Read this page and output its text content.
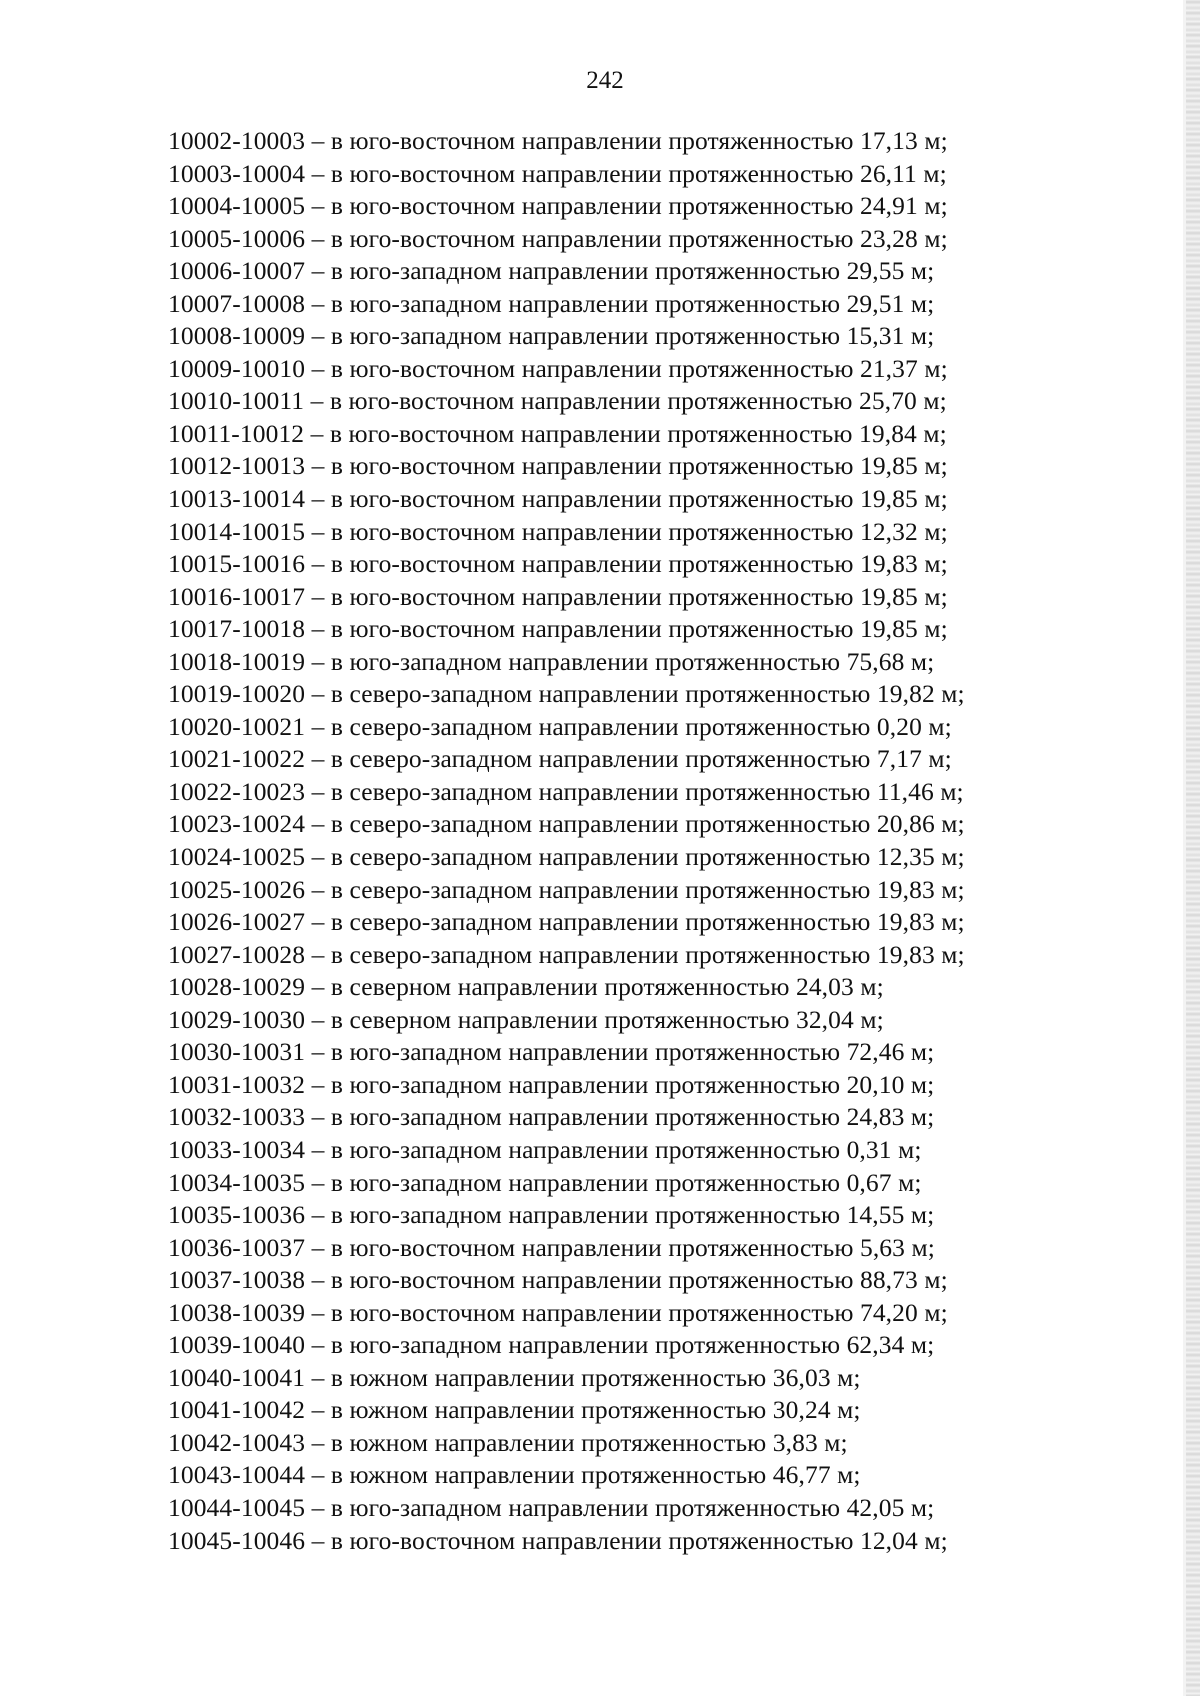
242
10002-10003 – в юго-восточном направлении протяженностью 17,13 м;
10003-10004 – в юго-восточном направлении протяженностью 26,11 м;
10004-10005 – в юго-восточном направлении протяженностью 24,91 м;
10005-10006 – в юго-восточном направлении протяженностью 23,28 м;
10006-10007 – в юго-западном направлении протяженностью 29,55 м;
10007-10008 – в юго-западном направлении протяженностью 29,51 м;
10008-10009 – в юго-западном направлении протяженностью 15,31 м;
10009-10010 – в юго-восточном направлении протяженностью 21,37 м;
10010-10011 – в юго-восточном направлении протяженностью 25,70 м;
10011-10012 – в юго-восточном направлении протяженностью 19,84 м;
10012-10013 – в юго-восточном направлении протяженностью 19,85 м;
10013-10014 – в юго-восточном направлении протяженностью 19,85 м;
10014-10015 – в юго-восточном направлении протяженностью 12,32 м;
10015-10016 – в юго-восточном направлении протяженностью 19,83 м;
10016-10017 – в юго-восточном направлении протяженностью 19,85 м;
10017-10018 – в юго-восточном направлении протяженностью 19,85 м;
10018-10019 – в юго-западном направлении протяженностью 75,68 м;
10019-10020 – в северо-западном направлении протяженностью 19,82 м;
10020-10021 – в северо-западном направлении протяженностью 0,20 м;
10021-10022 – в северо-западном направлении протяженностью 7,17 м;
10022-10023 – в северо-западном направлении протяженностью 11,46 м;
10023-10024 – в северо-западном направлении протяженностью 20,86 м;
10024-10025 – в северо-западном направлении протяженностью 12,35 м;
10025-10026 – в северо-западном направлении протяженностью 19,83 м;
10026-10027 – в северо-западном направлении протяженностью 19,83 м;
10027-10028 – в северо-западном направлении протяженностью 19,83 м;
10028-10029 – в северном направлении протяженностью 24,03 м;
10029-10030 – в северном направлении протяженностью 32,04 м;
10030-10031 – в юго-западном направлении протяженностью 72,46 м;
10031-10032 – в юго-западном направлении протяженностью 20,10 м;
10032-10033 – в юго-западном направлении протяженностью 24,83 м;
10033-10034 – в юго-западном направлении протяженностью 0,31 м;
10034-10035 – в юго-западном направлении протяженностью 0,67 м;
10035-10036 – в юго-западном направлении протяженностью 14,55 м;
10036-10037 – в юго-восточном направлении протяженностью 5,63 м;
10037-10038 – в юго-восточном направлении протяженностью 88,73 м;
10038-10039 – в юго-восточном направлении протяженностью 74,20 м;
10039-10040 – в юго-западном направлении протяженностью 62,34 м;
10040-10041 – в южном направлении протяженностью 36,03 м;
10041-10042 – в южном направлении протяженностью 30,24 м;
10042-10043 – в южном направлении протяженностью 3,83 м;
10043-10044 – в южном направлении протяженностью 46,77 м;
10044-10045 – в юго-западном направлении протяженностью 42,05 м;
10045-10046 – в юго-восточном направлении протяженностью 12,04 м;
